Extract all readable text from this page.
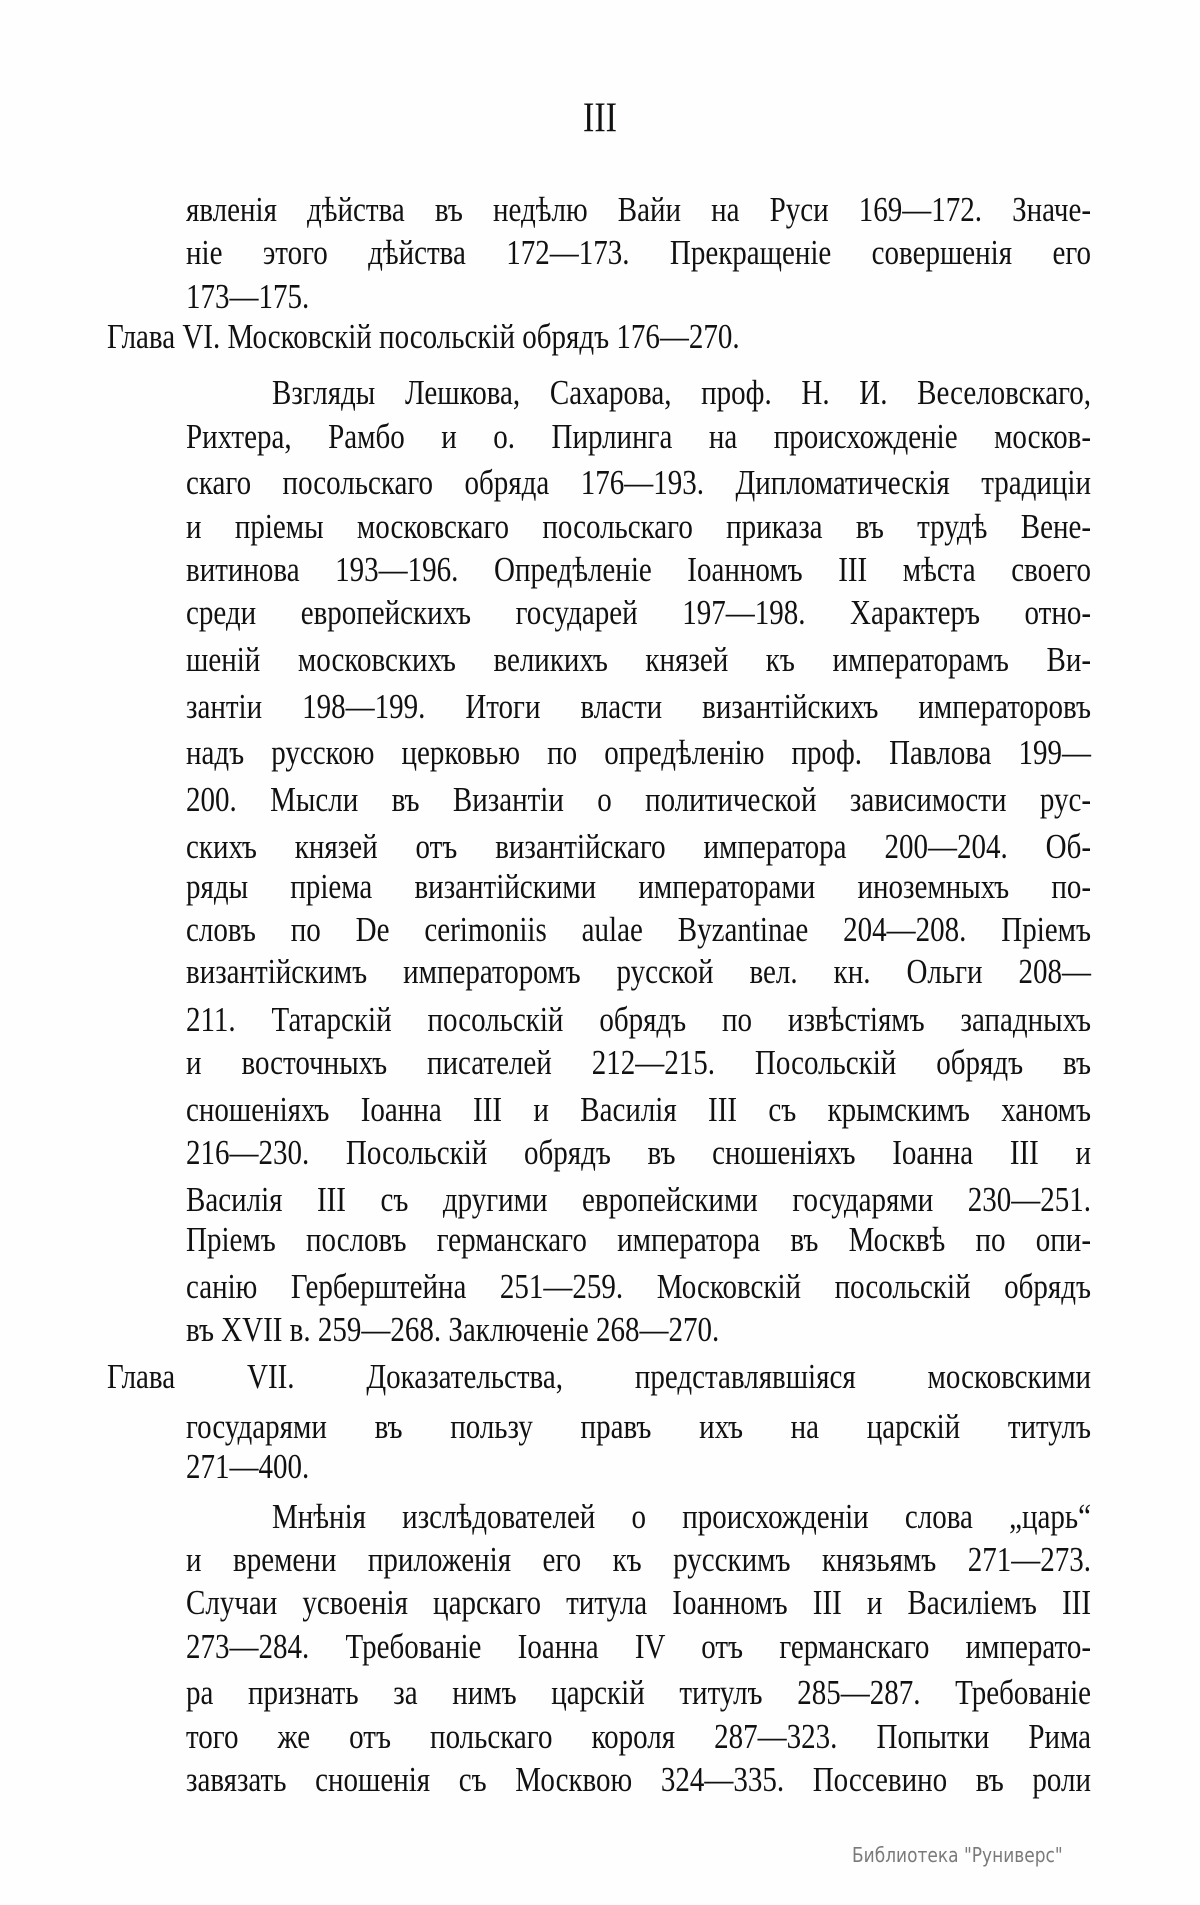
III
явленія дѣйства въ недѣлю Вайи на Руси 169—172. Значе-
ніе этого дѣйства 172—173. Прекращеніе совершенія его
173—175.
Глава VI. Московскій посольскій обрядъ 176—270.
Взгляды Лешкова, Сахарова, проф. Н. И. Веселовскаго,
Рихтера, Рамбо и о. Пирлинга на происхожденіе москов-
скаго посольскаго обряда 176—193. Дипломатическія традиціи
и пріемы московскаго посольскаго приказа въ трудѣ Вене-
витинова 193—196. Опредѣленіе Іоанномъ III мѣста своего
среди европейскихъ государей 197—198. Характеръ отно-
шеній московскихъ великихъ князей къ императорамъ Ви-
зантіи 198—199. Итоги власти византійскихъ императоровъ
надъ русскою церковью по опредѣленію проф. Павлова 199—
200. Мысли въ Византіи о политической зависимости рус-
скихъ князей отъ византійскаго императора 200—204. Об-
ряды пріема византійскими императорами иноземныхъ по-
словъ по De cerimoniis aulae Byzantinae 204—208. Пріемъ
византійскимъ императоромъ русской вел. кн. Ольги 208—
211. Татарскій посольскій обрядъ по извѣстіямъ западныхъ
и восточныхъ писателей 212—215. Посольскій обрядъ въ
сношеніяхъ Іоанна III и Василія III съ крымскимъ ханомъ
216—230. Посольскій обрядъ въ сношеніяхъ Іоанна III и
Василія III съ другими европейскими государями 230—251.
Пріемъ пословъ германскаго императора въ Москвѣ по опи-
санію Герберштейна 251—259. Московскій посольскій обрядъ
въ XVII в. 259—268. Заключеніе 268—270.
Глава VII. Доказательства, представлявшіяся московскими
государями въ пользу правъ ихъ на царскій титулъ
271—400.
Мнѣнія изслѣдователей о происхожденіи слова „царь“
и времени приложенія его къ русскимъ князьямъ 271—273.
Случаи усвоенія царскаго титула Іоанномъ III и Василіемъ III
273—284. Требованіе Іоанна IV отъ германскаго императо-
ра признать за нимъ царскій титулъ 285—287. Требованіе
того же отъ польскаго короля 287—323. Попытки Рима
завязать сношенія съ Москвою 324—335. Поссевино въ роли
Библиотека "Руниверс"
